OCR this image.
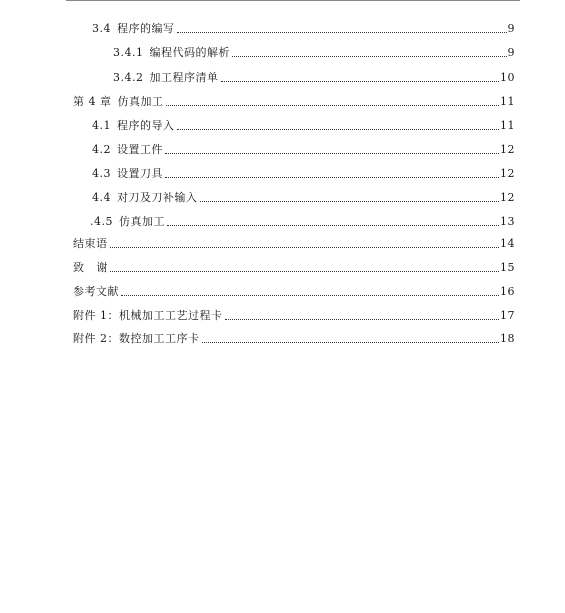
3.4 程序的编写	9
3.4.1 编程代码的解析	9
3.4.2 加工程序清单	10
第 4 章 仿真加工	11
4.1 程序的导入	11
4.2 设置工件	12
4.3 设置刀具	12
4.4 对刀及刀补输入	12
.4.5 仿真加工	13
结束语	14
致   谢	15
参考文献	16
附件 1：机械加工工艺过程卡	17
附件 2：数控加工工序卡	18
